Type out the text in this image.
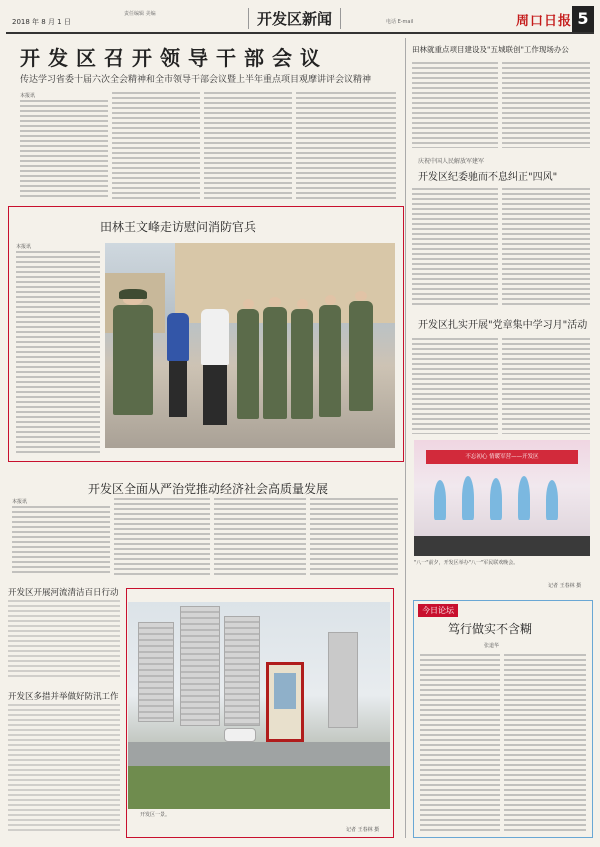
2018 年 8 月 1 日
责任编辑 美编	开发区新闻	电话 E-mail	周口日报 5
开发区召开领导干部会议
传达学习省委十届六次全会精神和全市领导干部会议暨上半年重点项目观摩讲评会议精神
本报讯
田林王文峰走访慰问消防官兵
本报讯
开发区全面从严治党推动经济社会高质量发展
本报讯
开发区开展河流清洁百日行动
开发区多措并举做好防汛工作
开发区一景。
记者 王春林 摄
田林就重点项目建设及"五城联创"工作现场办公
庆祝中国人民解放军建军
开发区纪委驰而不息纠正"四风"
开发区扎实开展"党章集中学习月"活动
不忘初心 情暖军营——开发区
"八一"前夕，开发区举办"八一"军民联欢晚会。
记者 王春林 摄
今日论坛
笃行做实不含糊
张道华
